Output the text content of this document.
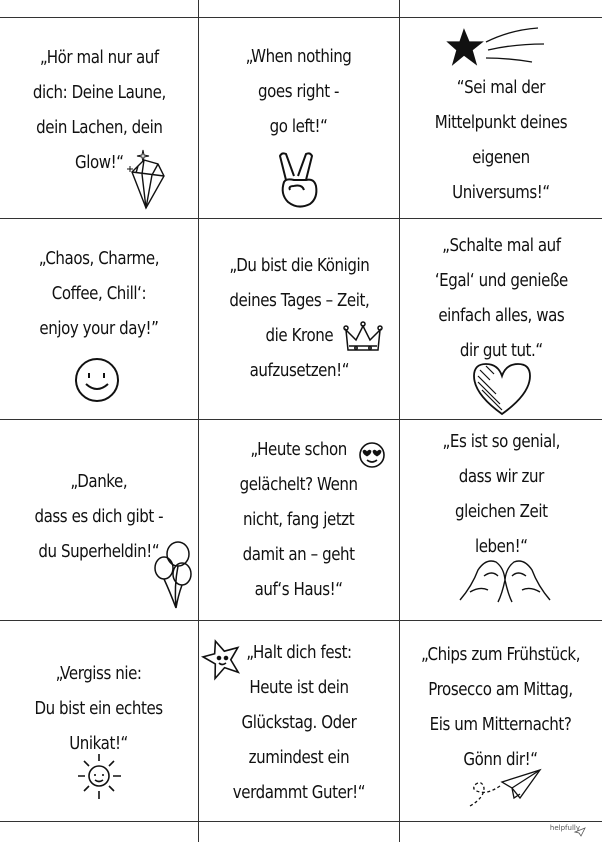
„Hör mal nur auf
dich: Deine Laune,
dein Lachen, dein
Glow!“
„When nothing
goes right -
go left!“
“Sei mal der
Mittelpunkt deines
eigenen
Universums!“
„Chaos, Charme,
Coffee, Chill‘:
enjoy your day!”
„Du bist die Königin
deines Tages – Zeit,
die Krone
aufzusetzen!“
„Schalte mal auf
‘Egal‘ und genieße
einfach alles, was
dir gut tut.“
„Danke,
dass es dich gibt -
du Superheldin!“
„Heute schon
gelächelt? Wenn
nicht, fang jetzt
damit an – geht
auf‘s Haus!“
„Es ist so genial,
dass wir zur
gleichen Zeit
leben!“
„Vergiss nie:
Du bist ein echtes
Unikat!“
„Halt dich fest:
Heute ist dein
Glückstag. Oder
zumindest ein
verdammt Guter!“
„Chips zum Frühstück,
Prosecco am Mittag,
Eis um Mitternacht?
Gönn dir!“
helpfully
